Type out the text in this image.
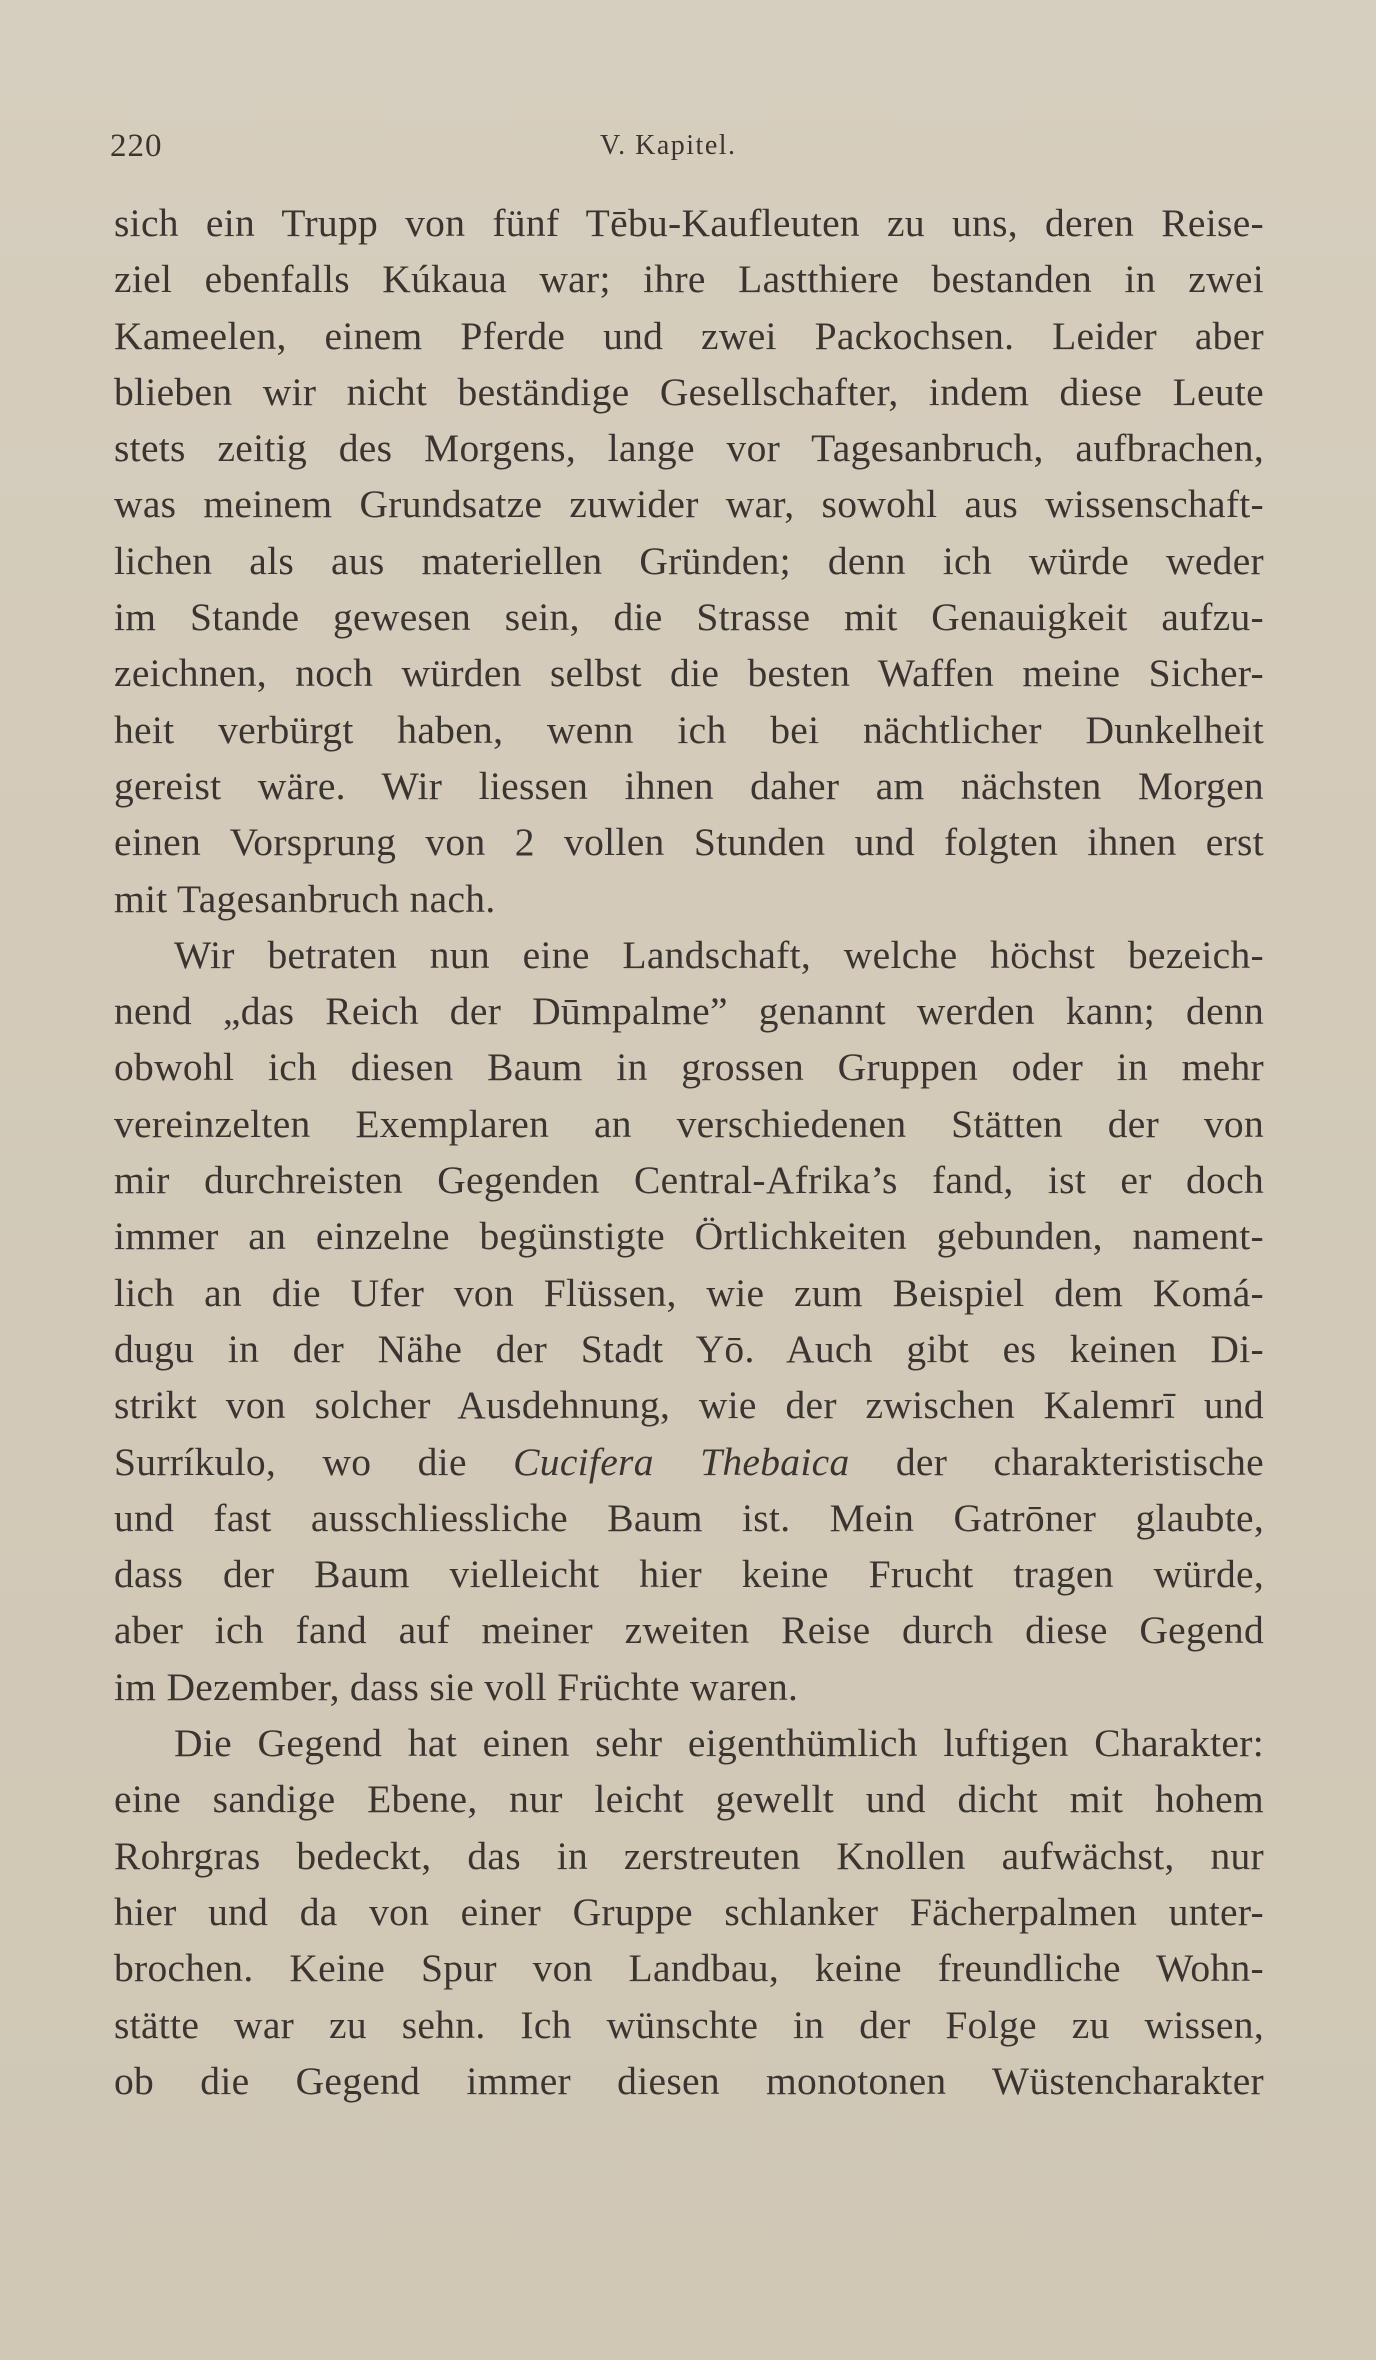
220	V. Kapitel.
sich ein Trupp von fünf Tēbu-Kaufleuten zu uns, deren Reise-
ziel ebenfalls Kúkaua war; ihre Lastthiere bestanden in zwei
Kameelen, einem Pferde und zwei Packochsen. Leider aber
blieben wir nicht beständige Gesellschafter, indem diese Leute
stets zeitig des Morgens, lange vor Tagesanbruch, aufbrachen,
was meinem Grundsatze zuwider war, sowohl aus wissenschaft-
lichen als aus materiellen Gründen; denn ich würde weder
im Stande gewesen sein, die Strasse mit Genauigkeit aufzu-
zeichnen, noch würden selbst die besten Waffen meine Sicher-
heit verbürgt haben, wenn ich bei nächtlicher Dunkelheit
gereist wäre. Wir liessen ihnen daher am nächsten Morgen
einen Vorsprung von 2 vollen Stunden und folgten ihnen erst
mit Tagesanbruch nach.
Wir betraten nun eine Landschaft, welche höchst bezeich-
nend „das Reich der Dūmpalme” genannt werden kann; denn
obwohl ich diesen Baum in grossen Gruppen oder in mehr
vereinzelten Exemplaren an verschiedenen Stätten der von
mir durchreisten Gegenden Central-Afrika’s fand, ist er doch
immer an einzelne begünstigte Örtlichkeiten gebunden, nament-
lich an die Ufer von Flüssen, wie zum Beispiel dem Komá-
dugu in der Nähe der Stadt Yō. Auch gibt es keinen Di-
strikt von solcher Ausdehnung, wie der zwischen Kalemrī und
Surríkulo, wo die Cucifera Thebaica der charakteristische
und fast ausschliessliche Baum ist. Mein Gatrōner glaubte,
dass der Baum vielleicht hier keine Frucht tragen würde,
aber ich fand auf meiner zweiten Reise durch diese Gegend
im Dezember, dass sie voll Früchte waren.
Die Gegend hat einen sehr eigenthümlich luftigen Charakter:
eine sandige Ebene, nur leicht gewellt und dicht mit hohem
Rohrgras bedeckt, das in zerstreuten Knollen aufwächst, nur
hier und da von einer Gruppe schlanker Fächerpalmen unter-
brochen. Keine Spur von Landbau, keine freundliche Wohn-
stätte war zu sehn. Ich wünschte in der Folge zu wissen,
ob die Gegend immer diesen monotonen Wüstencharakter
